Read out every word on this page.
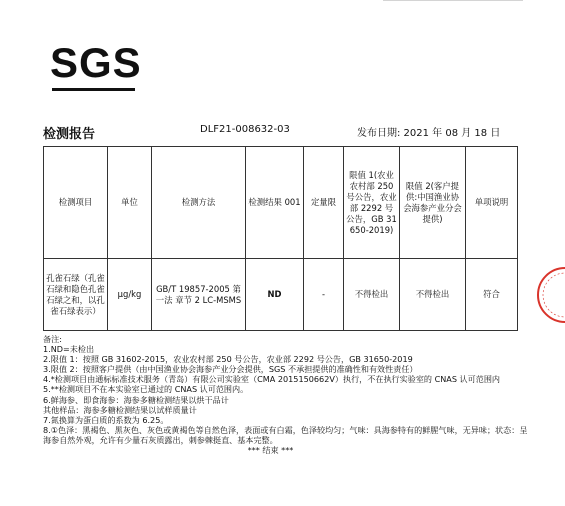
SGS
检测报告	DLF21-008632-03	发布日期: 2021 年 08 月 18 日
检测项目	单位	检测方法	检测结果 001	定量限	限值 1(农业农村部 250 号公告，农业部 2292 号公告，GB 31650-2019)	限值 2(客户提供:中国渔业协会海参产业分会提供)	单项说明
孔雀石绿（孔雀石绿和隐色孔雀石绿之和，以孔雀石绿表示）	μg/kg	GB/T 19857-2005 第一法 章节 2 LC-MSMS	ND	-	不得检出	不得检出	符合
备注:
1.ND=未检出
2.限值 1：按照 GB 31602-2015，农业农村部 250 号公告，农业部 2292 号公告，GB 31650-2019
3.限值 2：按照客户提供（由中国渔业协会海参产业分会提供，SGS 不承担提供的准确性和有效性责任）
4.*检测项目由通标标准技术服务（青岛）有限公司实验室（CMA 2015150662V）执行，不在执行实验室的 CNAS 认可范围内
5.**检测项目不在本实验室已通过的 CNAS 认可范围内。
6.鲜海参、即食海参：海参多糖检测结果以烘干品计
其他样品：海参多糖检测结果以试样质量计
7.氮换算为蛋白质的系数为 6.25。
8.①色泽：黑褐色、黑灰色、灰色或黄褐色等自然色泽，表面或有白霜，色泽较均匀；气味：具海参特有的鲜腥气味，无异味；状态：呈海参自然外观，允许有少量石灰质露出，刺参棘挺直、基本完整。
*** 结束 ***
